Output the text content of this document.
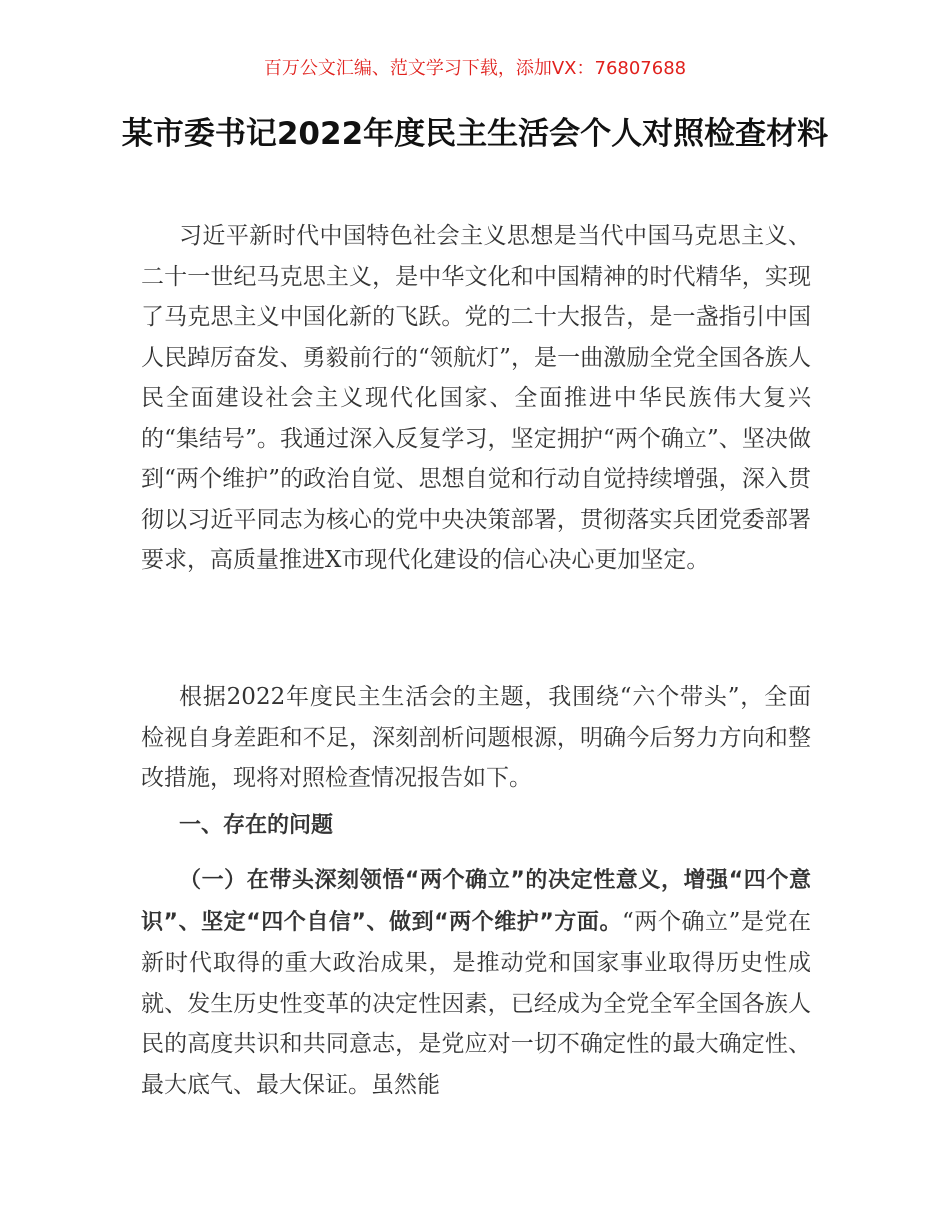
百万公文汇编、范文学习下载，添加VX：76807688
某市委书记2022年度民主生活会个人对照检查材料

习近平新时代中国特色社会主义思想是当代中国马克思主义、二十一世纪马克思主义，是中华文化和中国精神的时代精华，实现了马克思主义中国化新的飞跃。党的二十大报告，是一盏指引中国人民踔厉奋发、勇毅前行的“领航灯”，是一曲激励全党全国各族人民全面建设社会主义现代化国家、全面推进中华民族伟大复兴的“集结号”。我通过深入反复学习，坚定拥护“两个确立”、坚决做到“两个维护”的政治自觉、思想自觉和行动自觉持续增强，深入贯彻以习近平同志为核心的党中央决策部署，贯彻落实兵团党委部署要求，高质量推进X市现代化建设的信心决心更加坚定。

根据2022年度民主生活会的主题，我围绕“六个带头”，全面检视自身差距和不足，深刻剖析问题根源，明确今后努力方向和整改措施，现将对照检查情况报告如下。

一、存在的问题

（一）在带头深刻领悟“两个确立”的决定性意义，增强“四个意识”、坚定“四个自信”、做到“两个维护”方面。“两个确立”是党在新时代取得的重大政治成果，是推动党和国家事业取得历史性成就、发生历史性变革的决定性因素，已经成为全党全军全国各族人民的高度共识和共同意志，是党应对一切不确定性的最大确定性、最大底气、最大保证。虽然能
